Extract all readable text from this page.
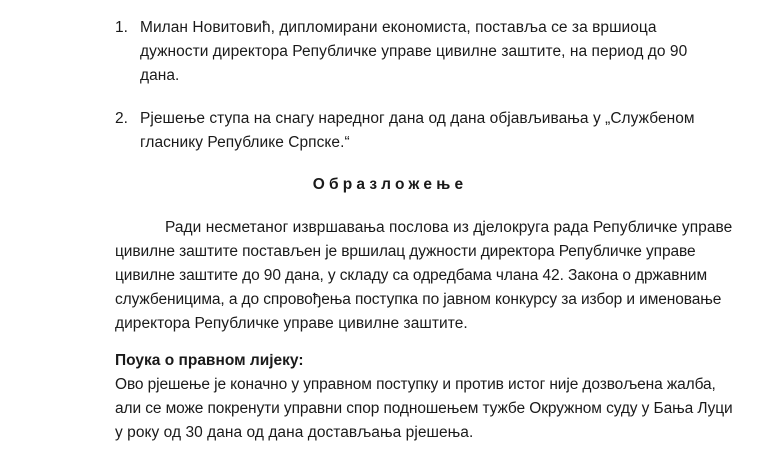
1. Милан Новитовић, дипломирани економиста, поставља се за вршиоца
дужности директора Републичке управе цивилне заштите, на период до 90
дана.
2. Рјешење ступа на снагу наредног дана од дана објављивања у „Службеном
гласнику Републике Српске.“
Образложење
Ради несметаног извршавања послова из дјелокруга рада Републичке управе
цивилне заштите постављен је вршилац дужности директора Републичке управе
цивилне заштите до 90 дана, у складу са одредбама члана 42. Закона о државним
службеницима, а до спровођења поступка по јавном конкурсу за избор и именовање
директора Републичке управе цивилне заштите.
Поука о правном лијеку:
Ово рјешење је коначно у управном поступку и против истог није дозвољена жалба,
али се може покренути управни спор подношењем тужбе Окружном суду у Бања Луци
у року од 30 дана од дана достављања рјешења.
